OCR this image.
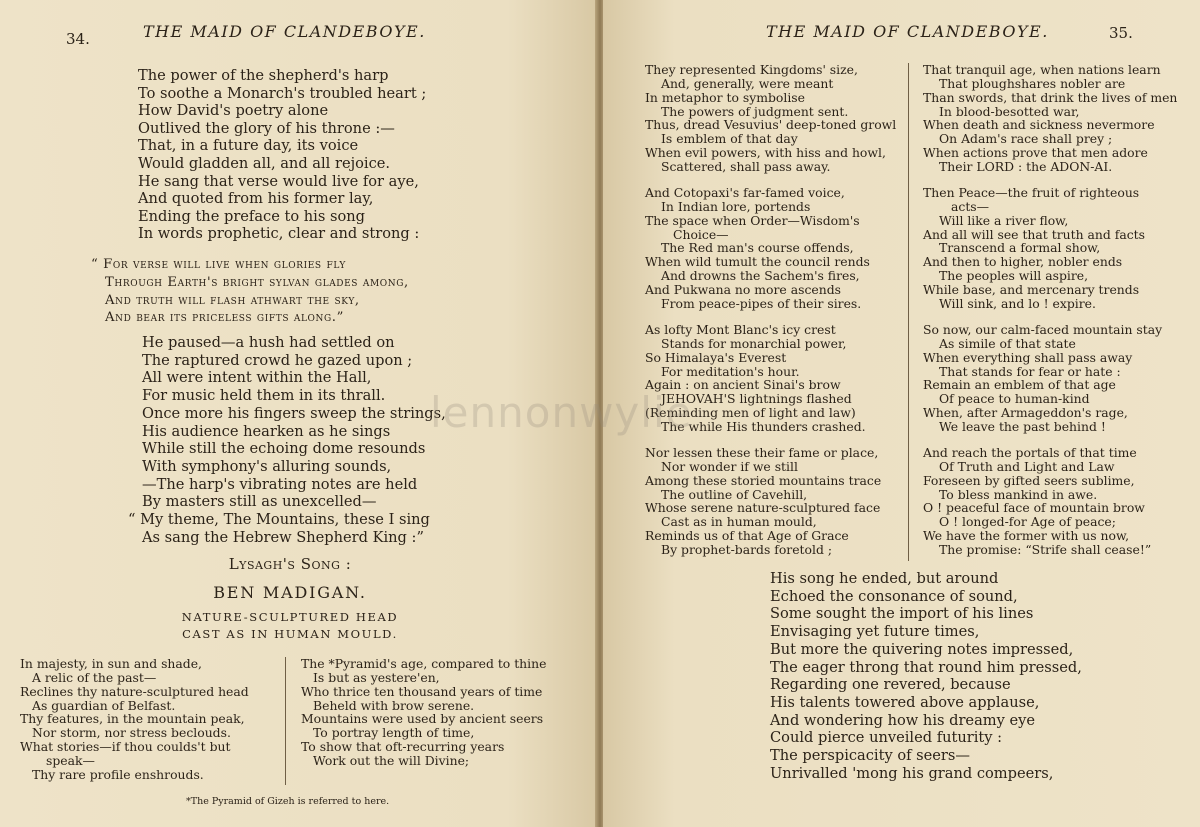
34.	THE MAID OF CLANDEBOYE.
The power of the shepherd's harp
To soothe a Monarch's troubled heart ;
How David's poetry alone
Outlived the glory of his throne :—
That, in a future day, its voice
Would gladden all, and all rejoice.
He sang that verse would live for aye,
And quoted from his former lay,
Ending the preface to his song
In words prophetic, clear and strong :
“ For verse will live when glories fly
Through Earth's bright sylvan glades among,
And truth will flash athwart the sky,
And bear its priceless gifts along.”
He paused—a hush had settled on
The raptured crowd he gazed upon ;
All were intent within the Hall,
For music held them in its thrall.
Once more his fingers sweep the strings,
His audience hearken as he sings
While still the echoing dome resounds
With symphony's alluring sounds,
—The harp's vibrating notes are held
By masters still as unexcelled—
“ My theme, The Mountains, these I sing
As sang the Hebrew Shepherd King :”
Lysagh's Song :
BEN MADIGAN.
NATURE-SCULPTURED HEAD
CAST AS IN HUMAN MOULD.
In majesty, in sun and shade,
A relic of the past—
Reclines thy nature-sculptured head
As guardian of Belfast.
Thy features, in the mountain peak,
Nor storm, nor stress beclouds.
What stories—if thou coulds't but
speak—
Thy rare profile enshrouds.
The *Pyramid's age, compared to thine
Is but as yestere'en,
Who thrice ten thousand years of time
Beheld with brow serene.
Mountains were used by ancient seers
To portray length of time,
To show that oft-recurring years
Work out the will Divine;
*The Pyramid of Gizeh is referred to here.
THE MAID OF CLANDEBOYE.	35.
They represented Kingdoms' size,
And, generally, were meant
In metaphor to symbolise
The powers of judgment sent.
Thus, dread Vesuvius' deep-toned growl
Is emblem of that day
When evil powers, with hiss and howl,
Scattered, shall pass away.
And Cotopaxi's far-famed voice,
In Indian lore, portends
The space when Order—Wisdom's
Choice—
The Red man's course offends,
When wild tumult the council rends
And drowns the Sachem's fires,
And Pukwana no more ascends
From peace-pipes of their sires.
As lofty Mont Blanc's icy crest
Stands for monarchial power,
So Himalaya's Everest
For meditation's hour.
Again : on ancient Sinai's brow
JEHOVAH'S lightnings flashed
(Reminding men of light and law)
The while His thunders crashed.
Nor lessen these their fame or place,
Nor wonder if we still
Among these storied mountains trace
The outline of Cavehill,
Whose serene nature-sculptured face
Cast as in human mould,
Reminds us of that Age of Grace
By prophet-bards foretold ;
That tranquil age, when nations learn
That ploughshares nobler are
Than swords, that drink the lives of men
In blood-besotted war,
When death and sickness nevermore
On Adam's race shall prey ;
When actions prove that men adore
Their LORD : the ADON-AI.
Then Peace—the fruit of righteous
acts—
Will like a river flow,
And all will see that truth and facts
Transcend a formal show,
And then to higher, nobler ends
The peoples will aspire,
While base, and mercenary trends
Will sink, and lo ! expire.
So now, our calm-faced mountain stay
As simile of that state
When everything shall pass away
That stands for fear or hate :
Remain an emblem of that age
Of peace to human-kind
When, after Armageddon's rage,
We leave the past behind !
And reach the portals of that time
Of Truth and Light and Law
Foreseen by gifted seers sublime,
To bless mankind in awe.
O ! peaceful face of mountain brow
O ! longed-for Age of peace;
We have the former with us now,
The promise: “Strife shall cease!”
His song he ended, but around
Echoed the consonance of sound,
Some sought the import of his lines
Envisaging yet future times,
But more the quivering notes impressed,
The eager throng that round him pressed,
Regarding one revered, because
His talents towered above applause,
And wondering how his dreamy eye
Could pierce unveiled futurity :
The perspicacity of seers—
Unrivalled 'mong his grand compeers,
lennonwylie
